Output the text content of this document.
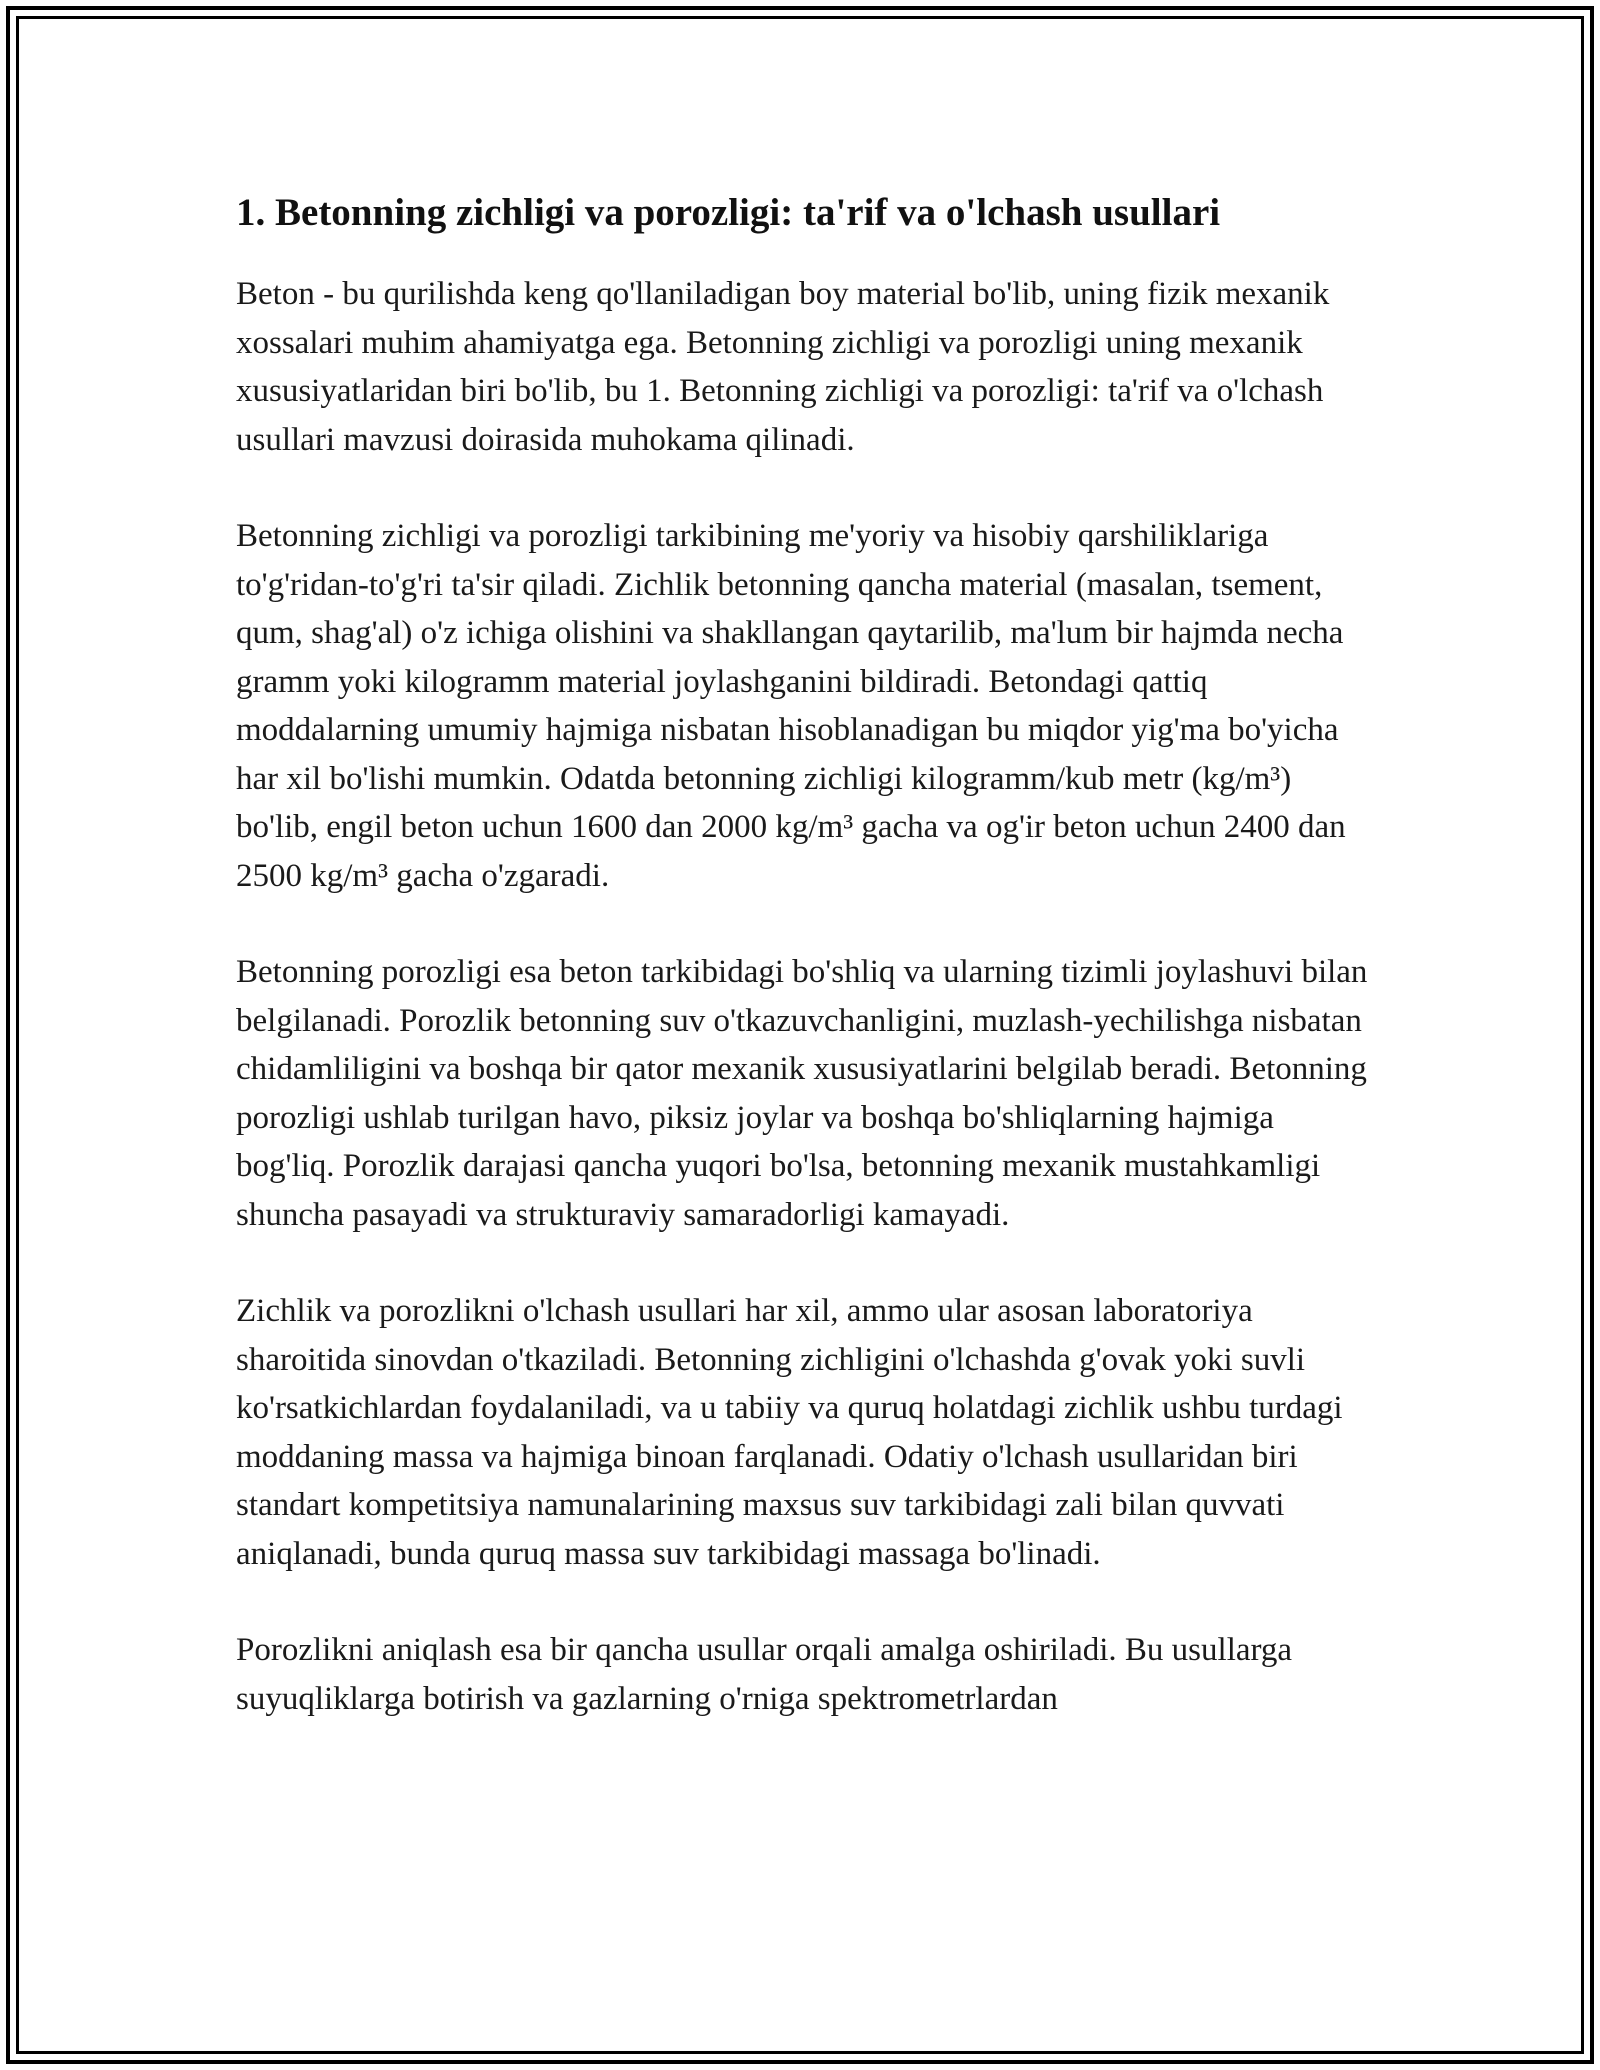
1. Betonning zichligi va porozligi: ta'rif va o'lchash usullari

Beton - bu qurilishda keng qo'llaniladigan boy material bo'lib, uning fizik mexanik xossalari muhim ahamiyatga ega. Betonning zichligi va porozligi uning mexanik xususiyatlaridan biri bo'lib, bu 1. Betonning zichligi va porozligi: ta'rif va o'lchash usullari mavzusi doirasida muhokama qilinadi.

Betonning zichligi va porozligi tarkibining me'yoriy va hisobiy qarshiliklariga to'g'ridan-to'g'ri ta'sir qiladi. Zichlik betonning qancha material (masalan, tsement, qum, shag'al) o'z ichiga olishini va shakllangan qaytarilib, ma'lum bir hajmda necha gramm yoki kilogramm material joylashganini bildiradi. Betondagi qattiq moddalarning umumiy hajmiga nisbatan hisoblanadigan bu miqdor yig'ma bo'yicha har xil bo'lishi mumkin. Odatda betonning zichligi kilogramm/kub metr (kg/m³) bo'lib, engil beton uchun 1600 dan 2000 kg/m³ gacha va og'ir beton uchun 2400 dan 2500 kg/m³ gacha o'zgaradi.

Betonning porozligi esa beton tarkibidagi bo'shliq va ularning tizimli joylashuvi bilan belgilanadi. Porozlik betonning suv o'tkazuvchanligini, muzlash-yechilishga nisbatan chidamliligini va boshqa bir qator mexanik xususiyatlarini belgilab beradi. Betonning porozligi ushlab turilgan havo, piksiz joylar va boshqa bo'shliqlarning hajmiga bog'liq. Porozlik darajasi qancha yuqori bo'lsa, betonning mexanik mustahkamligi shuncha pasayadi va strukturaviy samaradorligi kamayadi.

Zichlik va porozlikni o'lchash usullari har xil, ammo ular asosan laboratoriya sharoitida sinovdan o'tkaziladi. Betonning zichligini o'lchashda g'ovak yoki suvli ko'rsatkichlardan foydalaniladi, va u tabiiy va quruq holatdagi zichlik ushbu turdagi moddaning massa va hajmiga binoan farqlanadi. Odatiy o'lchash usullaridan biri standart kompetitsiya namunalarining maxsus suv tarkibidagi zali bilan quvvati aniqlanadi, bunda quruq massa suv tarkibidagi massaga bo'linadi.

Porozlikni aniqlash esa bir qancha usullar orqali amalga oshiriladi. Bu usullarga suyuqliklarga botirish va gazlarning o'rniga spektrometrlardan
